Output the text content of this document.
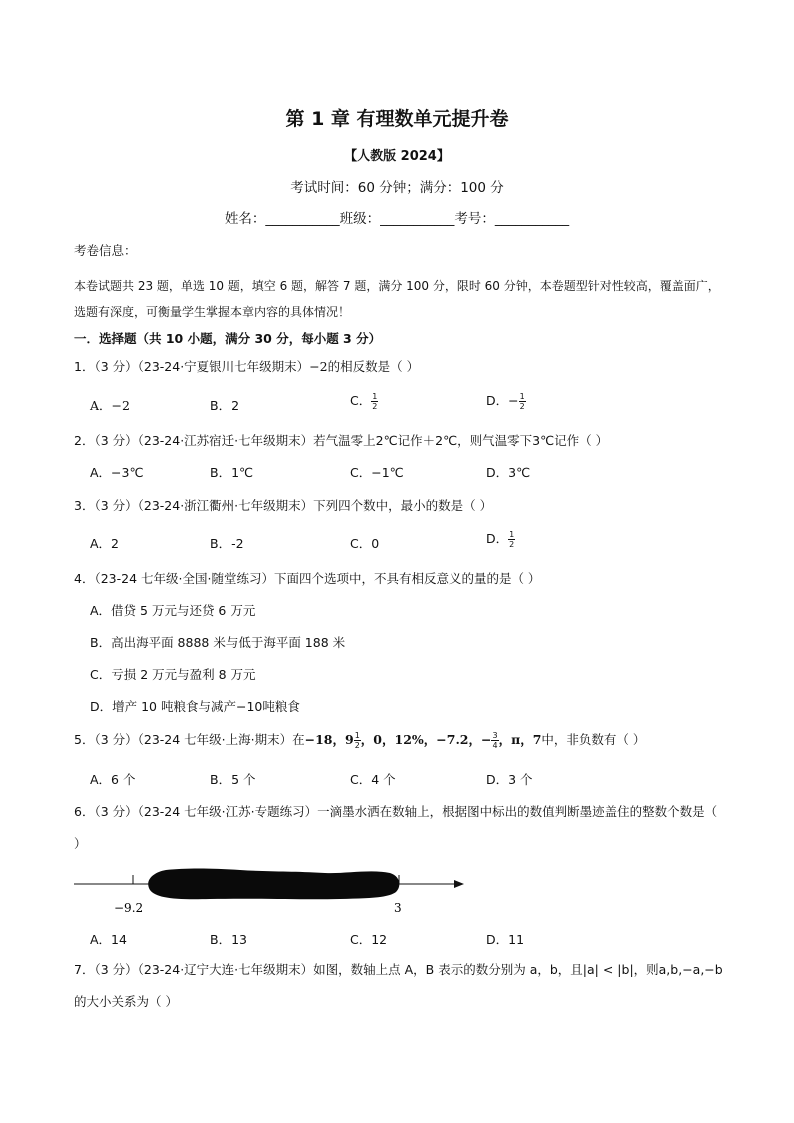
第 1 章 有理数单元提升卷
【人教版 2024】
考试时间：60 分钟；满分：100 分
姓名：___________班级：___________考号：___________
考卷信息：
本卷试题共 23 题，单选 10 题，填空 6 题，解答 7 题，满分 100 分，限时 60 分钟，本卷题型针对性较高，覆盖面广，选题有深度，可衡量学生掌握本章内容的具体情况！
一．选择题（共 10 小题，满分 30 分，每小题 3 分）
1．（3 分）（23-24·宁夏银川七年级期末）−2的相反数是（ ）
A．−2	B．2	C． $\frac{1}{2}$	D．− $\frac{1}{2}$
2．（3 分）（23-24·江苏宿迁·七年级期末）若气温零上2℃记作＋2℃，则气温零下3℃记作（ ）
A．−3℃	B．1℃	C．−1℃	D．3℃
3．（3 分）（23-24·浙江衢州·七年级期末）下列四个数中，最小的数是（ ）
A．2	B．-2	C．0	D． $\frac{1}{2}$
4．（23-24 七年级·全国·随堂练习）下面四个选项中，不具有相反意义的量的是（ ）
A．借贷 5 万元与还贷 6 万元
B．高出海平面 8888 米与低于海平面 188 米
C．亏损 2 万元与盈利 8 万元
D．增产 10 吨粮食与减产−10吨粮食
5．（3 分）（23-24 七年级·上海·期末）在−18，$9 \frac{1}{2}$ ，0，12%，−7.2，− $\frac{3}{4}$ ，π，7中，非负数有（ ）
A．6 个	B．5 个	C．4 个	D．3 个
6．（3 分）（23-24 七年级·江苏·专题练习）一滴墨水洒在数轴上，根据图中标出的数值判断墨迹盖住的整数个数是（ ）
−9.2	3
A．14	B．13	C．12	D．11
7．（3 分）（23-24·辽宁大连·七年级期末）如图，数轴上点 A，B 表示的数分别为 a，b，且|a| < |b|，则a,b,−a,−b 的大小关系为（ ）
